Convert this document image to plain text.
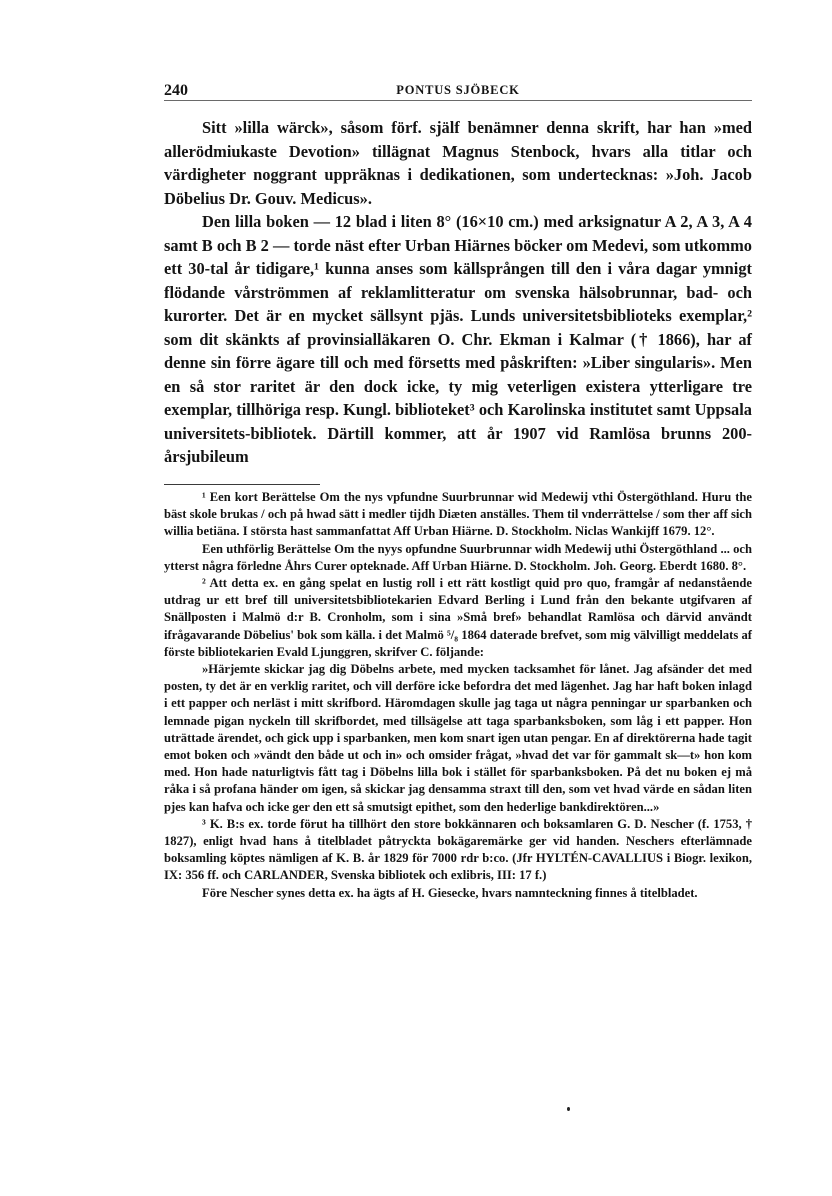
240	PONTUS SJÖBECK

Sitt »lilla wärck», såsom förf. själf benämner denna skrift, har han »med allerödmiukaste Devotion» tillägnat Magnus Stenbock, hvars alla titlar och värdigheter noggrant uppräknas i dedikationen, som undertecknas: »Joh. Jacob Döbelius Dr. Gouv. Medicus».

Den lilla boken — 12 blad i liten 8° (16×10 cm.) med arksignatur A 2, A 3, A 4 samt B och B 2 — torde näst efter Urban Hiärnes böcker om Medevi, som utkommo ett 30-tal år tidigare,¹ kunna anses som källsprången till den i våra dagar ymnigt flödande vårströmmen af reklamlitteratur om svenska hälsobrunnar, bad- och kurorter. Det är en mycket sällsynt pjäs. Lunds universitetsbiblioteks exemplar,² som dit skänkts af provinsialläkaren O. Chr. Ekman i Kalmar († 1866), har af denne sin förre ägare till och med försetts med påskriften: »Liber singularis». Men en så stor raritet är den dock icke, ty mig veterligen existera ytterligare tre exemplar, tillhöriga resp. Kungl. biblioteket³ och Karolinska institutet samt Uppsala universitets-bibliotek. Därtill kommer, att år 1907 vid Ramlösa brunns 200-årsjubileum

¹ Een kort Berättelse Om the nys vpfundne Suurbrunnar wid Medewij vthi Östergöthland. Huru the bäst skole brukas / och på hwad sätt i medler tijdh Diæten anställes. Them til vnderrättelse / som ther aff sich willia betiäna. I största hast sammanfattat Aff Urban Hiärne. D. Stockholm. Niclas Wankijff 1679. 12°.

Een uthförlig Berättelse Om the nyys opfundne Suurbrunnar widh Medewij uthi Östergöthland ... och ytterst några förledne Åhrs Curer opteknade. Aff Urban Hiärne. D. Stockholm. Joh. Georg. Eberdt 1680. 8°.

² Att detta ex. en gång spelat en lustig roll i ett rätt kostligt quid pro quo, framgår af nedanstående utdrag ur ett bref till universitetsbibliotekarien Edvard Berling i Lund från den bekante utgifvaren af Snällposten i Malmö d:r B. Cronholm, som i sina »Små bref» behandlat Ramlösa och därvid användt ifrågavarande Döbelius' bok som källa. i det Malmö ⁵/₈ 1864 daterade brefvet, som mig välvilligt meddelats af förste bibliotekarien Evald Ljunggren, skrifver C. följande:

»Härjemte skickar jag dig Döbelns arbete, med mycken tacksamhet för lånet. Jag afsänder det med posten, ty det är en verklig raritet, och vill derföre icke befordra det med lägenhet. Jag har haft boken inlagd i ett papper och nerläst i mitt skrifbord. Häromdagen skulle jag taga ut några penningar ur sparbanken och lemnade pigan nyckeln till skrifbordet, med tillsägelse att taga sparbanksboken, som låg i ett papper. Hon uträttade ärendet, och gick upp i sparbanken, men kom snart igen utan pengar. En af direktörerna hade tagit emot boken och »vändt den både ut och in» och omsider frågat, »hvad det var för gammalt sk—t» hon kom med. Hon hade naturligtvis fått tag i Döbelns lilla bok i stället för sparbanksboken. På det nu boken ej må råka i så profana händer om igen, så skickar jag densamma straxt till den, som vet hvad värde en sådan liten pjes kan hafva och icke ger den ett så smutsigt epithet, som den hederlige bankdirektören...»

³ K. B:s ex. torde förut ha tillhört den store bokkännaren och boksamlaren G. D. Nescher (f. 1753, † 1827), enligt hvad hans å titelbladet påtryckta bokägaremärke ger vid handen. Neschers efterlämnade boksamling köptes nämligen af K. B. år 1829 för 7000 rdr b:co. (Jfr HYLTÉN-CAVALLIUS i Biogr. lexikon, IX: 356 ff. och CARLANDER, Svenska bibliotek och exlibris, III: 17 f.)

Före Nescher synes detta ex. ha ägts af H. Giesecke, hvars namnteckning finnes å titelbladet.
